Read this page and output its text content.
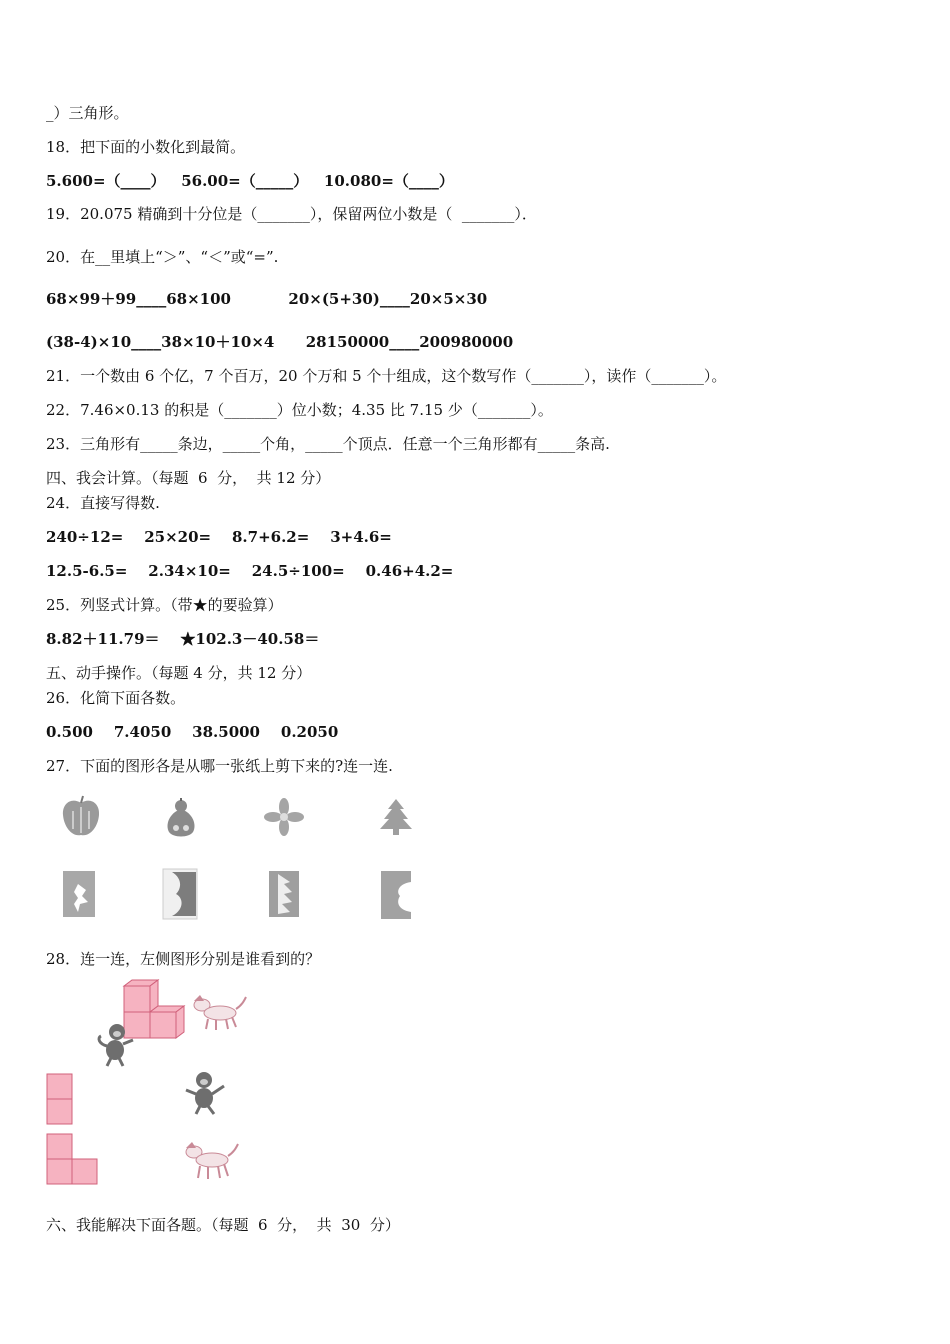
_）三角形。
18．把下面的小数化到最简。
5.600=（____）   56.00=（_____）   10.080=（____）
19．20.075 精确到十分位是（_______），保留两位小数是（  _______）．
20．在__里填上“＞”、“＜”或“=”.
68×99＋99____68×100           20×(5+30)____20×5×30
(38-4)×10____38×10＋10×4      28150000____200980000
21．一个数由 6 个亿，7 个百万，20 个万和 5 个十组成，这个数写作（_______），读作（_______）。
22．7.46×0.13 的积是（_______）位小数；4.35 比 7.15 少（_______）。
23．三角形有_____条边，_____个角，_____个顶点．任意一个三角形都有_____条高.
四、我会计算。（每题  6  分，  共 12 分）
24．直接写得数.
240÷12=    25×20=    8.7+6.2=    3+4.6=
12.5-6.5=    2.34×10=    24.5÷100=    0.46+4.2=
25．列竖式计算。（带★的要验算）
8.82＋11.79＝    ★102.3－40.58＝
五、动手操作。（每题 4 分，共 12 分）
26．化简下面各数。
0.500    7.4050    38.5000    0.2050
27．下面的图形各是从哪一张纸上剪下来的?连一连.
28．连一连，左侧图形分别是谁看到的？
六、我能解决下面各题。（每题  6  分，  共  30  分）
